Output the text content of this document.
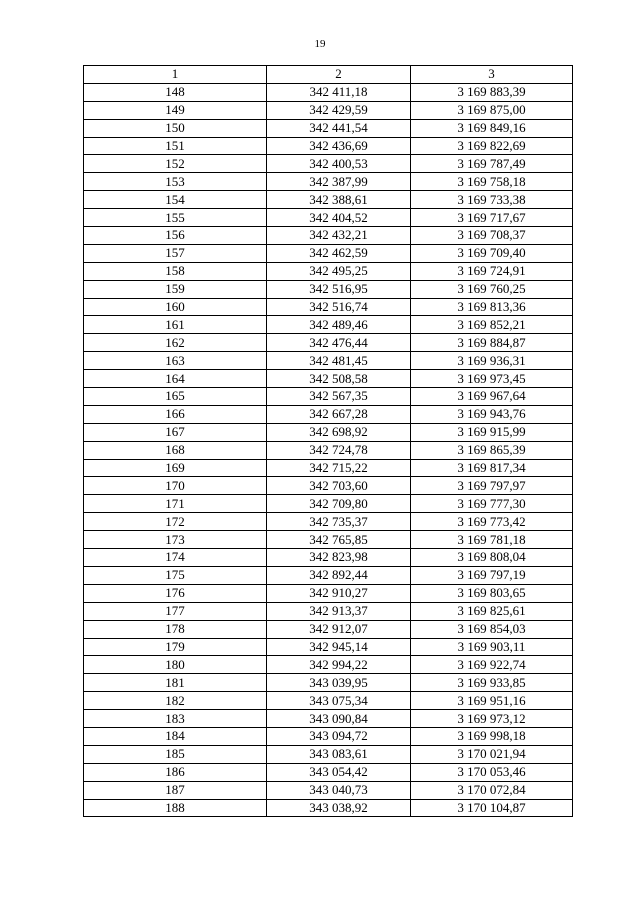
19
1	2	3
148	342 411,18	3 169 883,39
149	342 429,59	3 169 875,00
150	342 441,54	3 169 849,16
151	342 436,69	3 169 822,69
152	342 400,53	3 169 787,49
153	342 387,99	3 169 758,18
154	342 388,61	3 169 733,38
155	342 404,52	3 169 717,67
156	342 432,21	3 169 708,37
157	342 462,59	3 169 709,40
158	342 495,25	3 169 724,91
159	342 516,95	3 169 760,25
160	342 516,74	3 169 813,36
161	342 489,46	3 169 852,21
162	342 476,44	3 169 884,87
163	342 481,45	3 169 936,31
164	342 508,58	3 169 973,45
165	342 567,35	3 169 967,64
166	342 667,28	3 169 943,76
167	342 698,92	3 169 915,99
168	342 724,78	3 169 865,39
169	342 715,22	3 169 817,34
170	342 703,60	3 169 797,97
171	342 709,80	3 169 777,30
172	342 735,37	3 169 773,42
173	342 765,85	3 169 781,18
174	342 823,98	3 169 808,04
175	342 892,44	3 169 797,19
176	342 910,27	3 169 803,65
177	342 913,37	3 169 825,61
178	342 912,07	3 169 854,03
179	342 945,14	3 169 903,11
180	342 994,22	3 169 922,74
181	343 039,95	3 169 933,85
182	343 075,34	3 169 951,16
183	343 090,84	3 169 973,12
184	343 094,72	3 169 998,18
185	343 083,61	3 170 021,94
186	343 054,42	3 170 053,46
187	343 040,73	3 170 072,84
188	343 038,92	3 170 104,87
